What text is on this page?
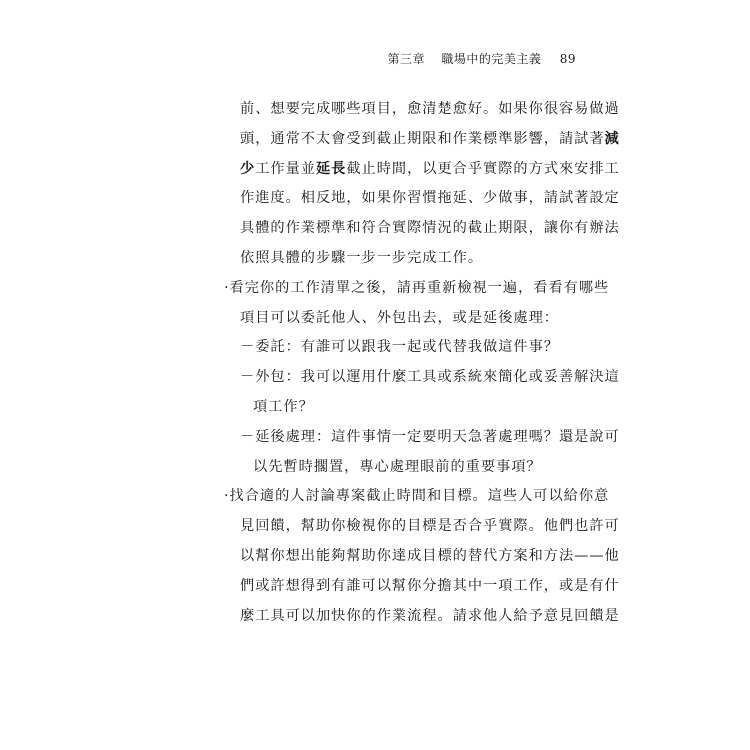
第三章 職場中的完美主義 89
前、想要完成哪些項目，愈清楚愈好。如果你很容易做過
頭，通常不太會受到截止期限和作業標準影響，請試著減
少工作量並延長截止時間，以更合乎實際的方式來安排工
作進度。相反地，如果你習慣拖延、少做事，請試著設定
具體的作業標準和符合實際情況的截止期限，讓你有辦法
依照具體的步驟一步一步完成工作。
·看完你的工作清單之後，請再重新檢視一遍，看看有哪些
項目可以委託他人、外包出去，或是延後處理：
－委託：有誰可以跟我一起或代替我做這件事？
－外包：我可以運用什麼工具或系統來簡化或妥善解決這
項工作？
－延後處理：這件事情一定要明天急著處理嗎？還是說可
以先暫時擱置，專心處理眼前的重要事項？
·找合適的人討論專案截止時間和目標。這些人可以給你意
見回饋，幫助你檢視你的目標是否合乎實際。他們也許可
以幫你想出能夠幫助你達成目標的替代方案和方法——他
們或許想得到有誰可以幫你分擔其中一項工作，或是有什
麼工具可以加快你的作業流程。請求他人給予意見回饋是
